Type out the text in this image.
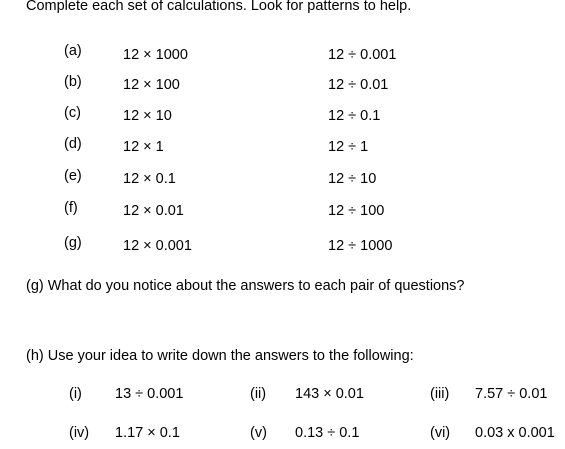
Complete each set of calculations. Look for patterns to help.
(a)	12 × 1000	12 ÷ 0.001
(b)	12 × 100	12 ÷ 0.01
(c)	12 × 10	12 ÷ 0.1
(d)	12 × 1	12 ÷ 1
(e)	12 × 0.1	12 ÷ 10
(f)	12 × 0.01	12 ÷ 100
(g)	12 × 0.001	12 ÷ 1000
(g) What do you notice about the answers to each pair of questions?
(h) Use your idea to write down the answers to the following:
(i) 13 ÷ 0.001	(ii) 143 × 0.01	(iii) 7.57 ÷ 0.01
(iv) 1.17 × 0.1	(v) 0.13 ÷ 0.1	(vi) 0.03 x 0.001
